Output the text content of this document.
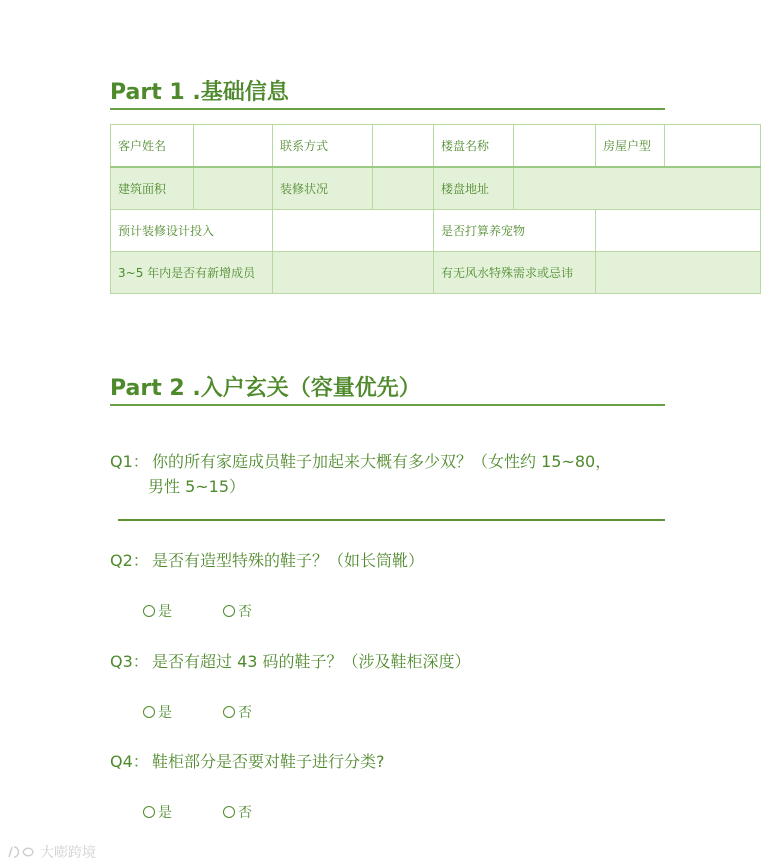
Part 1 .基础信息
客户姓名		联系方式		楼盘名称		房屋户型	
建筑面积		装修状况		楼盘地址			
预计装修设计投入				是否打算养宠物			
3~5 年内是否有新增成员				有无风水特殊需求或忌讳			
Part 2 .入户玄关（容量优先）
Q1： 你的所有家庭成员鞋子加起来大概有多少双？（女性约 15~80，
男性 5~15）
Q2： 是否有造型特殊的鞋子？（如长筒靴）
是	否
Q3： 是否有超过 43 码的鞋子？（涉及鞋柜深度）
是	否
Q4： 鞋柜部分是否要对鞋子进行分类?
是	否
大嘭跨境
